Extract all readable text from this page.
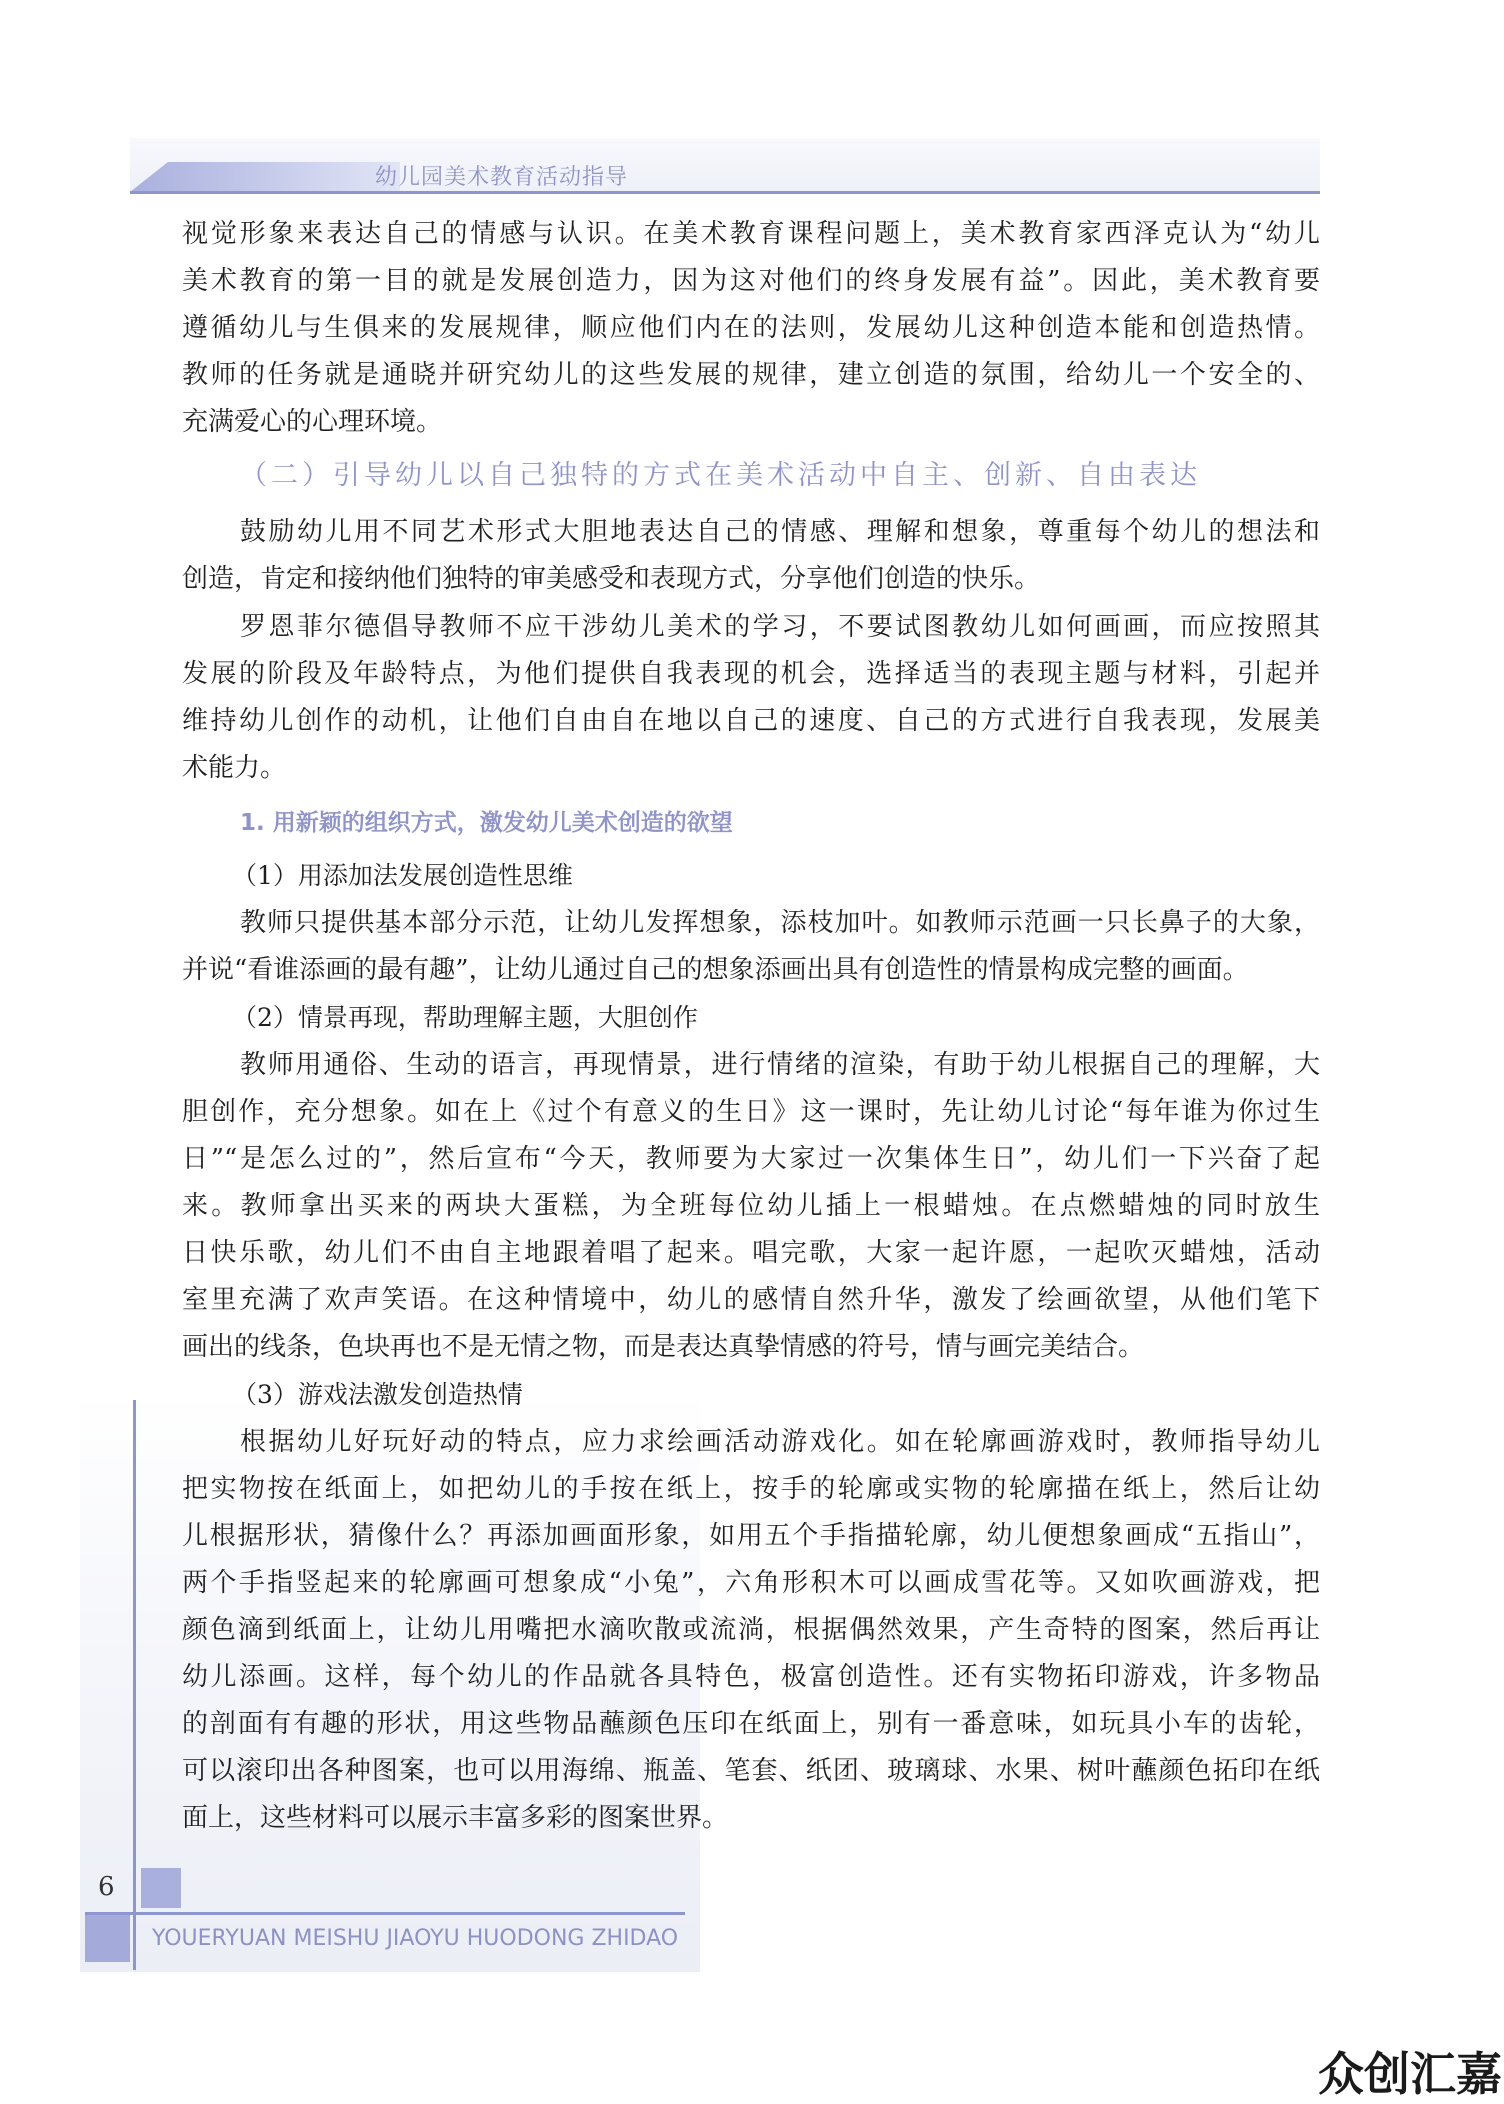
幼儿园美术教育活动指导
视觉形象来表达自己的情感与认识。在美术教育课程问题上，美术教育家西泽克认为“幼儿
美术教育的第一目的就是发展创造力，因为这对他们的终身发展有益”。因此，美术教育要
遵循幼儿与生俱来的发展规律，顺应他们内在的法则，发展幼儿这种创造本能和创造热情。
教师的任务就是通晓并研究幼儿的这些发展的规律，建立创造的氛围，给幼儿一个安全的、
充满爱心的心理环境。
（二）引导幼儿以自己独特的方式在美术活动中自主、创新、自由表达
鼓励幼儿用不同艺术形式大胆地表达自己的情感、理解和想象，尊重每个幼儿的想法和
创造，肯定和接纳他们独特的审美感受和表现方式，分享他们创造的快乐。
罗恩菲尔德倡导教师不应干涉幼儿美术的学习，不要试图教幼儿如何画画，而应按照其
发展的阶段及年龄特点，为他们提供自我表现的机会，选择适当的表现主题与材料，引起并
维持幼儿创作的动机，让他们自由自在地以自己的速度、自己的方式进行自我表现，发展美
术能力。
1. 用新颖的组织方式，激发幼儿美术创造的欲望
（1）用添加法发展创造性思维
教师只提供基本部分示范，让幼儿发挥想象，添枝加叶。如教师示范画一只长鼻子的大象，
并说“看谁添画的最有趣”，让幼儿通过自己的想象添画出具有创造性的情景构成完整的画面。
（2）情景再现，帮助理解主题，大胆创作
教师用通俗、生动的语言，再现情景，进行情绪的渲染，有助于幼儿根据自己的理解，大
胆创作，充分想象。如在上《过个有意义的生日》这一课时，先让幼儿讨论“每年谁为你过生
日”“是怎么过的”，然后宣布“今天，教师要为大家过一次集体生日”，幼儿们一下兴奋了起
来。教师拿出买来的两块大蛋糕，为全班每位幼儿插上一根蜡烛。在点燃蜡烛的同时放生
日快乐歌，幼儿们不由自主地跟着唱了起来。唱完歌，大家一起许愿，一起吹灭蜡烛，活动
室里充满了欢声笑语。在这种情境中，幼儿的感情自然升华，激发了绘画欲望，从他们笔下
画出的线条，色块再也不是无情之物，而是表达真挚情感的符号，情与画完美结合。
（3）游戏法激发创造热情
根据幼儿好玩好动的特点，应力求绘画活动游戏化。如在轮廓画游戏时，教师指导幼儿
把实物按在纸面上，如把幼儿的手按在纸上，按手的轮廓或实物的轮廓描在纸上，然后让幼
儿根据形状，猜像什么？再添加画面形象，如用五个手指描轮廓，幼儿便想象画成“五指山”，
两个手指竖起来的轮廓画可想象成“小兔”，六角形积木可以画成雪花等。又如吹画游戏，把
颜色滴到纸面上，让幼儿用嘴把水滴吹散或流淌，根据偶然效果，产生奇特的图案，然后再让
幼儿添画。这样，每个幼儿的作品就各具特色，极富创造性。还有实物拓印游戏，许多物品
的剖面有有趣的形状，用这些物品蘸颜色压印在纸面上，别有一番意味，如玩具小车的齿轮，
可以滚印出各种图案，也可以用海绵、瓶盖、笔套、纸团、玻璃球、水果、树叶蘸颜色拓印在纸
面上，这些材料可以展示丰富多彩的图案世界。
6
YOUERYUAN MEISHU JIAOYU HUODONG ZHIDAO
众创汇嘉
